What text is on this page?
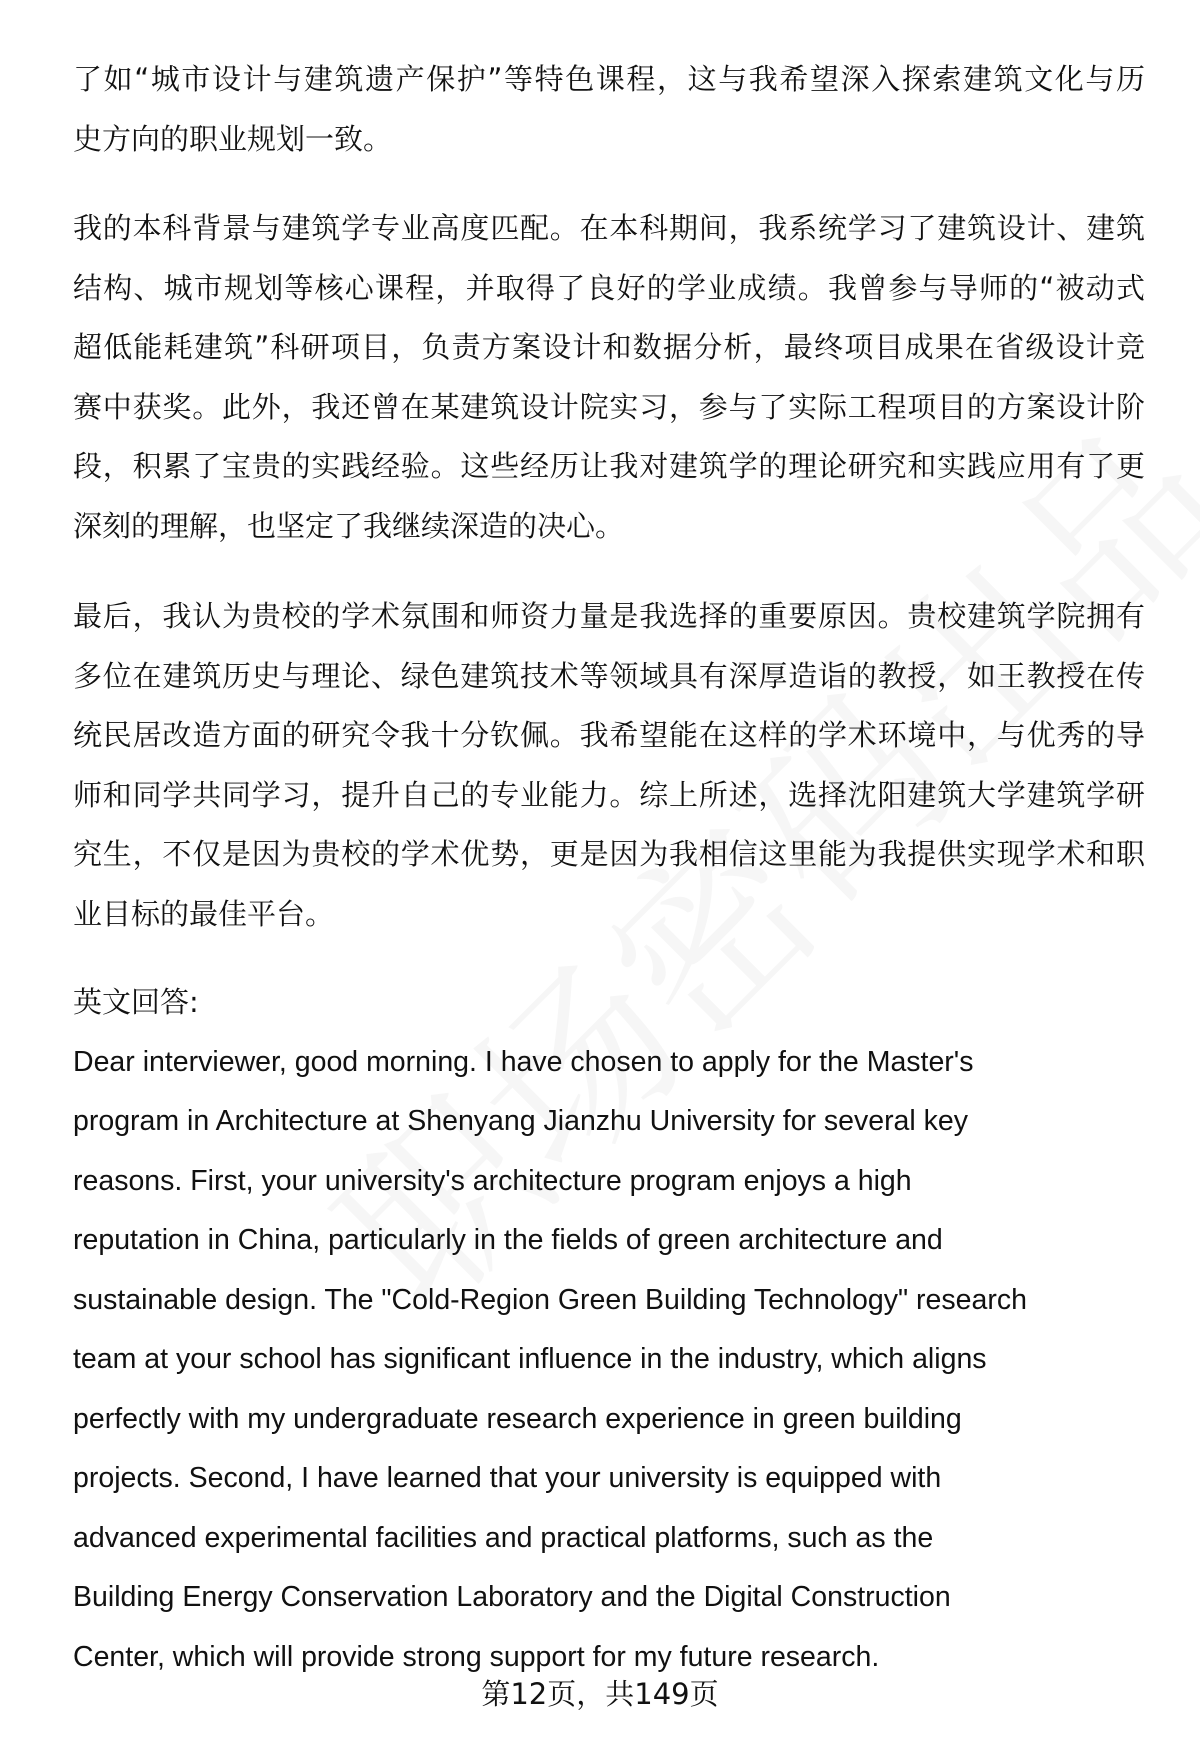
了如“城市设计与建筑遗产保护”等特色课程，这与我希望深入探索建筑文化与历
史方向的职业规划一致。
我的本科背景与建筑学专业高度匹配。在本科期间，我系统学习了建筑设计、建筑
结构、城市规划等核心课程，并取得了良好的学业成绩。我曾参与导师的“被动式
超低能耗建筑”科研项目，负责方案设计和数据分析，最终项目成果在省级设计竞
赛中获奖。此外，我还曾在某建筑设计院实习，参与了实际工程项目的方案设计阶
段，积累了宝贵的实践经验。这些经历让我对建筑学的理论研究和实践应用有了更
深刻的理解，也坚定了我继续深造的决心。
最后，我认为贵校的学术氛围和师资力量是我选择的重要原因。贵校建筑学院拥有
多位在建筑历史与理论、绿色建筑技术等领域具有深厚造诣的教授，如王教授在传
统民居改造方面的研究令我十分钦佩。我希望能在这样的学术环境中，与优秀的导
师和同学共同学习，提升自己的专业能力。综上所述，选择沈阳建筑大学建筑学研
究生，不仅是因为贵校的学术优势，更是因为我相信这里能为我提供实现学术和职
业目标的最佳平台。
英文回答:
Dear interviewer, good morning. I have chosen to apply for the Master's
program in Architecture at Shenyang Jianzhu University for several key
reasons. First, your university's architecture program enjoys a high
reputation in China, particularly in the fields of green architecture and
sustainable design. The "Cold-Region Green Building Technology" research
team at your school has significant influence in the industry, which aligns
perfectly with my undergraduate research experience in green building
projects. Second, I have learned that your university is equipped with
advanced experimental facilities and practical platforms, such as the
Building Energy Conservation Laboratory and the Digital Construction
Center, which will provide strong support for my future research.
第12页，共149页
